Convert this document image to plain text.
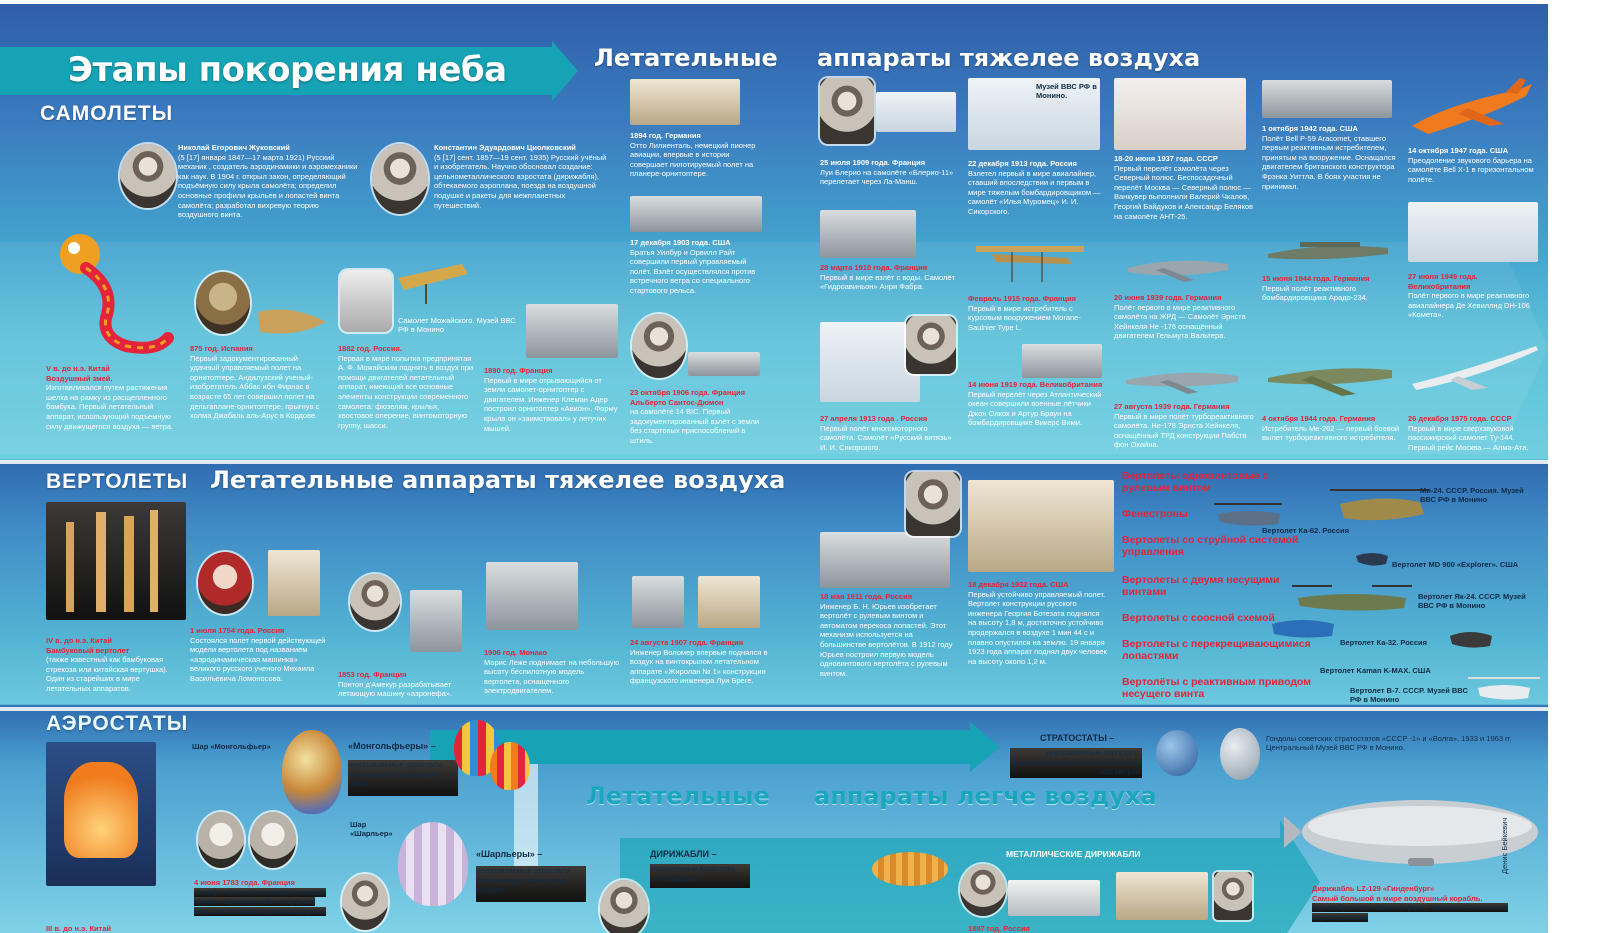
Этапы покорения неба
САМОЛЕТЫ
Летательные аппараты тяжелее воздуха
Николай Егорович Жуковский
(5 [17] января 1847—17 марта 1921) Русский механик , создатель аэродинамики и аэромеханики как наук. В 1904 г. открыл закон, определяющий подъёмную силу крыла самолёта; определил основные профили крыльев и лопастей винта самолёта; разработал вихревую теорию воздушного винта.
Константин Эдуардович Циолковский
(5 [17] сент. 1857—19 сент. 1935) Русский учёный и изобретатель. Научно обосновал создание: цельнометаллического аэростата (дирижабля), обтекаемого аэроплана, поезда на воздушной подушке и ракеты для межпланетных путешествий.
1894 год. Германия
Отто Лилиенталь, немецкий пионер авиации, впервые в истории совершает пилотируемый полет на планере-орнитоптере.
17 декабря 1903 года. США
Братья Уилбур и Орвилл Райт совершили первый управляемый полёт. Взлёт осуществлялся против встречного ветра со специального стартового рельса.
25 июля 1909 года. Франция
Луи Блерио на самолёте «Блерио-11» перелетает через Ла-Манш.
Музей ВВС РФ в Монино.
22 декабря 1913 года. Россия
Взлетел первый в мире авиалайнер, ставший впоследствии и первым в мире тяжелым бомбардировщиком — самолёт «Илья Муромец» И. И. Сикорского.
18-20 июня 1937 года. СССР
Первый перелёт самолёта через Северный полюс. Беспосадочный перелёт Москва — Северный полюс — Ванкувер выполнили Валерий Чкалов, Георгий Байдуков и Александр Беляков на самолёте АНТ-25.
1 октября 1942 года. США
Полёт Bell P-59 Aracomet, ставшего первым реактивным истребителем, принятым на вооружение. Оснащался двигателем британского конструктора Фрэнка Уиттла. В боях участия не принимал.
14 октября 1947 года. США
Преодоление звукового барьера на самолёте Bell X-1 в горизонтальном полёте.
28 марта 1910 года. Франция
Первый в мире взлёт с воды. Самолёт «Гидроавиньон» Анри Фабра.
Февраль 1915 года. Франция
Первый в мире истребитель с курсовым вооружением Morane-Saulnier Type L.
20 июня 1939 года. Германия
Полёт первого в мире реактивного самолёта на ЖРД — Самолёт Эрнста Хейнкеля He -176 оснащённый двигателем Гельмута Вальтера.
15 июня 1944 года. Германия
Первый полёт реактивного бомбардировщика Арадо-234.
27 июля 1949 года. Великобритания
Полёт первого в мире реактивного авиалайнера Де Хевиллнд DH-106 «Комета».
V в. до н.э. Китай
Воздушный змей.
Изготавливался путем растяжения шелка на рамку из расщепленного бамбука. Первый летательный аппарат, использующий подъемную силу движущегося воздуха — ветра.
875 год. Испания
Первый задокументированный удачный управляемый полет на орнитоптере. Андалузский ученый-изобретатель Аббас ибн Фирнас в возрасте 65 лет совершил полет на дельтаплане-орнитоптере, прыгнув с холма Джабаль аль-Арус в Кордове.
Самолет Можайского. Музей ВВС РФ в Монино
1882 год. Россия.
Первая в мире попытка предпринятая А. Ф. Можайским поднять в воздух при помощи двигателей летательный аппарат, имеющий все основные элементы конструкции современного самолета: фюзеляж, крылья, хвостовое оперение, винтомоторную группу, шасси.
1890 год. Франция
Первый в мире отрывающийся от земли самолет-орнитоптер с двигателем. Инженер Клеман Адер построил орнитоптер «Авион». Форму крыла он «заимствовал» у летучих мышей.
23 октября 1906 года. Франция
Альберто Сантос-Дюмон
на самолёте 14 BIC. Первый задокументированный взлёт с земли без стартовых приспособлений в штиль.
27 апреля 1913 года . Россия
Первый полёт многомоторного самолёта. Самолёт «Русский витязь» И. И. Сикорского.
14 июня 1919 года. Великобритания
Первый перелёт через Атлантический океан совершили военные лётчики Джон Олкок и Артур Браун на бомбардировщике Викерс Вими.
27 августа 1939 года. Германия
Первый в мире полёт турбореактивного самолёта. Не-178 Эрнста Хейнкеля, оснащённый ТРД конструкции Пабста фон Охайна.
4 октября 1944 года. Германия
Истребитель Ме-262 — первый боевой вылет турбореактивного истребителя.
26 декабря 1975 года. СССР
Первый в мире сверхзвуковой пассажирский самолет Ту-144. Первый рейс Москва — Алма-Ата.
ВЕРТОЛЕТЫ Летательные аппараты тяжелее воздуха
IV в. до н.э. Китай
Бамбуковый вертолет
(также известный как бамбуковая стрекоза или китайская вертушка). Один из старейших в мире летательных аппаратов.
1 июля 1754 года. Россия
Состоялся полет первой действующей модели вертолета под названием «аэродинамическая машинка» великого русского ученого Михаила Васильевича Ломоносова.	1853 год. Франция
Понтон д'Амекур разрабатывает летающую машину «аэронефа».
1906 год. Монако
Морис Леже поднимает на небольшую высоту беспилотную модель вертолета, оснащенного электродвигателем.
24 августа 1907 года. Франция
Инженер Воломер впервые поднялся в воздух на винтокрылом летательном аппарате «Жиролан № 1» конструкции французского инженера Луи Бреге.
18 мая 1911 года. Россия
Инженер Б. Н. Юрьев изобретает вертолёт с рулевым винтом и автоматом перекоса лопастей. Этот механизм используется на большинстве вертолётов. В 1912 году Юрьев построил первую модель одновинтового вертолёта с рулевым винтом.
18 декабря 1922 года. США
Первый устойчиво управляемый полет. Вертолет конструкции русского инженера Георгия Ботезата поднялся на высоту 1,8 м, достаточно устойчиво продержался в воздухе 1 мин 44 с и плавно опустился на землю. 19 января 1923 года аппарат поднял двух человек на высоту около 1,2 м.
Вертолеты одновинтовые с рулевым винтом
Фенестроны
Вертолеты со струйной системой управления
Вертолеты с двумя несущими винтами
Вертолеты с соосной схемой
Вертолеты с перекрещивающимися лопастями
Вертолёты с реактивным приводом несущего винта
Ми-24. СССР. Россия. Музей ВВС РФ в Монино
Вертолет Ка-62. Россия
Вертолет MD 900 «Explorer». США
Вертолет Як-24. СССР. Музей ВВС РФ в Монино
Вертолет Ка-32. Россия
Вертолет Kaman K-MAX. США
Вертолет В-7. СССР. Музей ВВС РФ в Монино
АЭРОСТАТЫ
Летательные аппараты легче воздуха
III в. до н.э. Китай
Шар «Монгольфьер»	«Монгольфьеры» –
неуправляемые аэростаты наполненные подогретым газом.
4 июня 1783 года. Франция
Жозеф и Этьен Монгольфье впервые в мире подняли в небо воздушный шар, заполненный горячим воздухом.
Шар «Шарльер»
«Шарльеры» –
неуправляемые аэростаты наполненные газом легче воздуха.
СТРАТОСТАТЫ –
неуправляемые аэростаты, поднимающиеся на высоту более 11 000 метров.
Гондолы советских стратостатов «СССР -1» и «Волга». 1933 и 1963 гг. Центральный Музей ВВС РФ в Монино.
ДИРИЖАБЛИ –
управляемые аэростаты легче воздуха.
МЕТАЛЛИЧЕСКИЕ ДИРИЖАБЛИ
1887 год. Россия
Дирижабль LZ-129 «Гинденбург»
Самый большой в мире воздушный корабль.
Год изобретения: 1936 г. Страна: Германия Технические характеристики:
Денис Бейкевич
